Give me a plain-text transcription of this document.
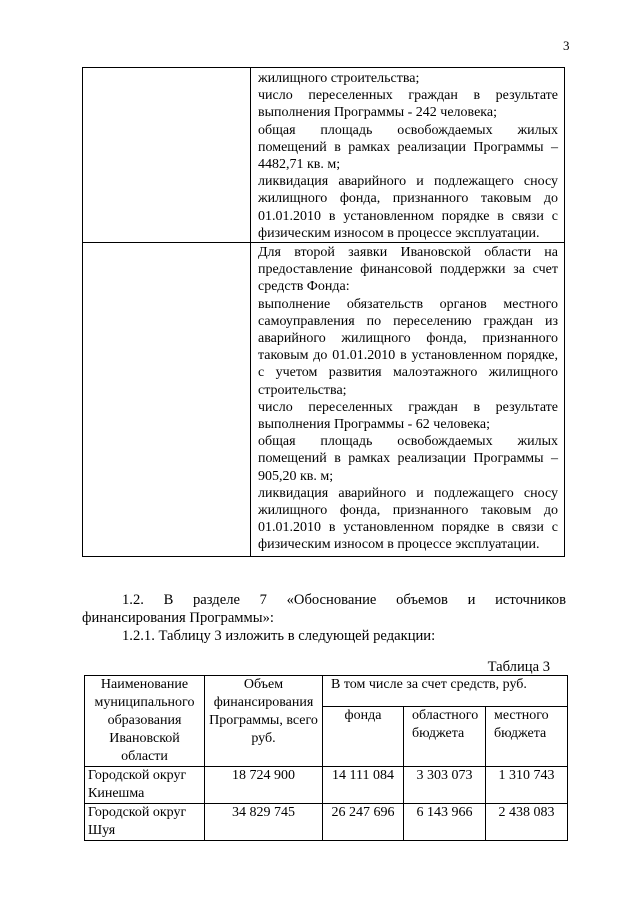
3

	жилищного строительства;

число переселенных граждан в результате выполнения Программы - 242 человека;

общая площадь освобождаемых жилых помещений в рамках реализации Программы – 4482,71 кв. м;

ликвидация аварийного и подлежащего сносу жилищного фонда, признанного таковым до 01.01.2010 в установленном порядке в связи с физическим износом в процессе эксплуатации.

	Для второй заявки Ивановской области на предоставление финансовой поддержки за счет средств Фонда:

выполнение обязательств органов местного самоуправления по переселению граждан из аварийного жилищного фонда, признанного таковым до 01.01.2010 в установленном порядке, с учетом развития малоэтажного жилищного строительства;

число переселенных граждан в результате выполнения Программы - 62 человека;

общая площадь освобождаемых жилых помещений в рамках реализации Программы – 905,20 кв. м;

ликвидация аварийного и подлежащего сносу жилищного фонда, признанного таковым до 01.01.2010 в установленном порядке в связи с физическим износом в процессе эксплуатации.

1.2. В разделе 7 «Обоснование объемов и источников

финансирования Программы»:

1.2.1. Таблицу 3 изложить в следующей редакции:

Таблица 3
Наименование муниципального образования Ивановской области	Объем финансирования Программы, всего руб.	В том числе за счет средств, руб.		
		фонда	областного бюджета	местного бюджета
Городской округ Кинешма	18 724 900	14 111 084	3 303 073	1 310 743
Городской округ Шуя	34 829 745	26 247 696	6 143 966	2 438 083
